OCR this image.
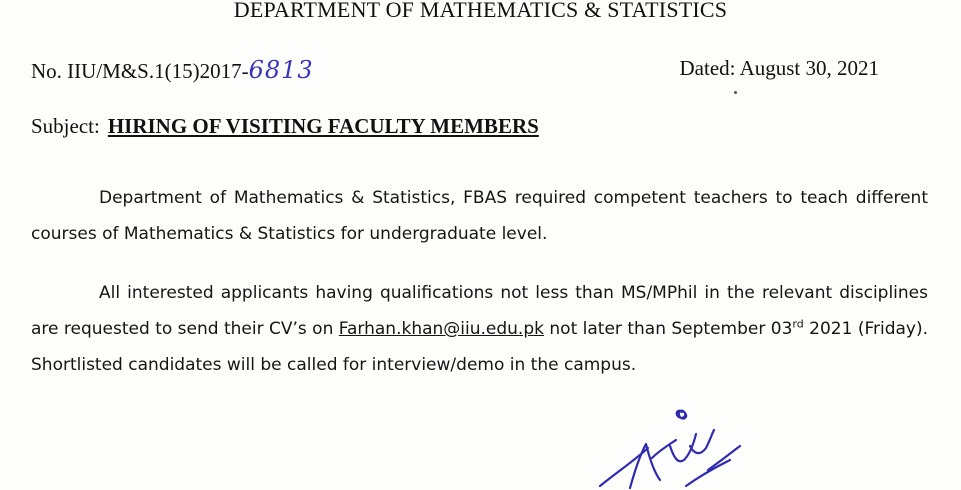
DEPARTMENT OF MATHEMATICS & STATISTICS
No. IIU/M&S.1(15)2017-6813	Dated: August 30, 2021
Subject: HIRING OF VISITING FACULTY MEMBERS
Department of Mathematics & Statistics, FBAS required competent teachers to teach different courses of Mathematics & Statistics for undergraduate level.
All interested applicants having qualifications not less than MS/MPhil in the relevant disciplines are requested to send their CV’s on Farhan.khan@iiu.edu.pk not later than September 03rd 2021 (Friday). Shortlisted candidates will be called for interview/demo in the campus.
